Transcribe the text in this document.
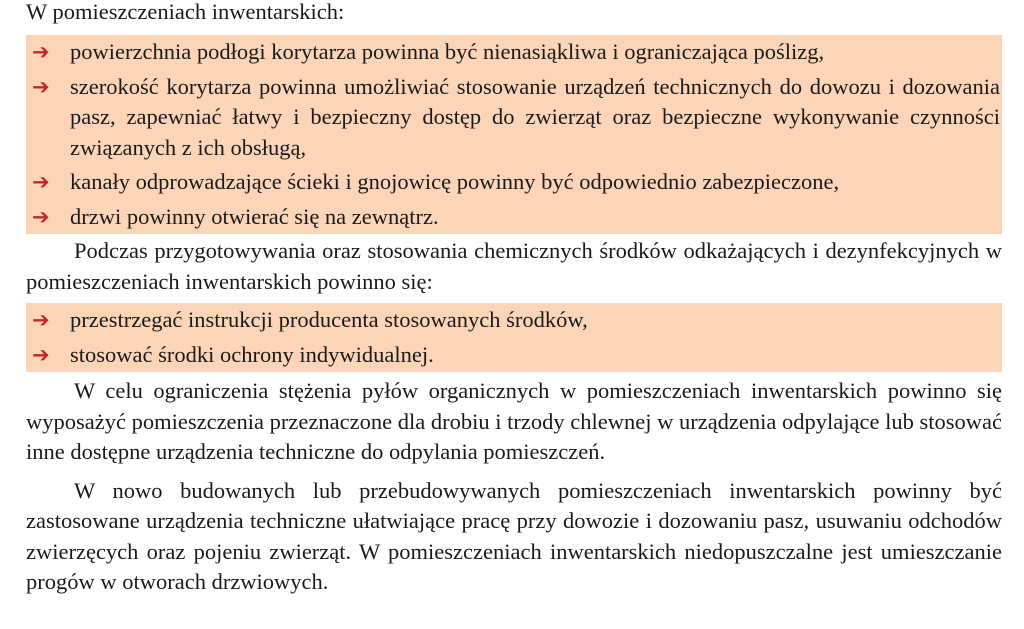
W pomieszczeniach inwentarskich:
➔ powierzchnia podłogi korytarza powinna być nienasiąkliwa i ograniczająca poślizg,
➔ szerokość korytarza powinna umożliwiać stosowanie urządzeń technicznych do dowozu i dozowania pasz, zapewniać łatwy i bezpieczny dostęp do zwierząt oraz bezpieczne wykonywanie czynności związanych z ich obsługą,
➔ kanały odprowadzające ścieki i gnojowicę powinny być odpowiednio zabezpieczone,
➔ drzwi powinny otwierać się na zewnątrz.

Podczas przygotowywania oraz stosowania chemicznych środków odkażających i dezynfekcyjnych w pomieszczeniach inwentarskich powinno się:

➔ przestrzegać instrukcji producenta stosowanych środków,
➔ stosować środki ochrony indywidualnej.

W celu ograniczenia stężenia pyłów organicznych w pomieszczeniach inwentarskich powinno się wyposażyć pomieszczenia przeznaczone dla drobiu i trzody chlewnej w urządzenia odpylające lub stosować inne dostępne urządzenia techniczne do odpylania pomieszczeń.

W nowo budowanych lub przebudowywanych pomieszczeniach inwentarskich powinny być zastosowane urządzenia techniczne ułatwiające pracę przy dowozie i dozowaniu pasz, usuwaniu odchodów zwierzęcych oraz pojeniu zwierząt. W pomieszczeniach inwentarskich niedopuszczalne jest umieszczanie progów w otworach drzwiowych.
